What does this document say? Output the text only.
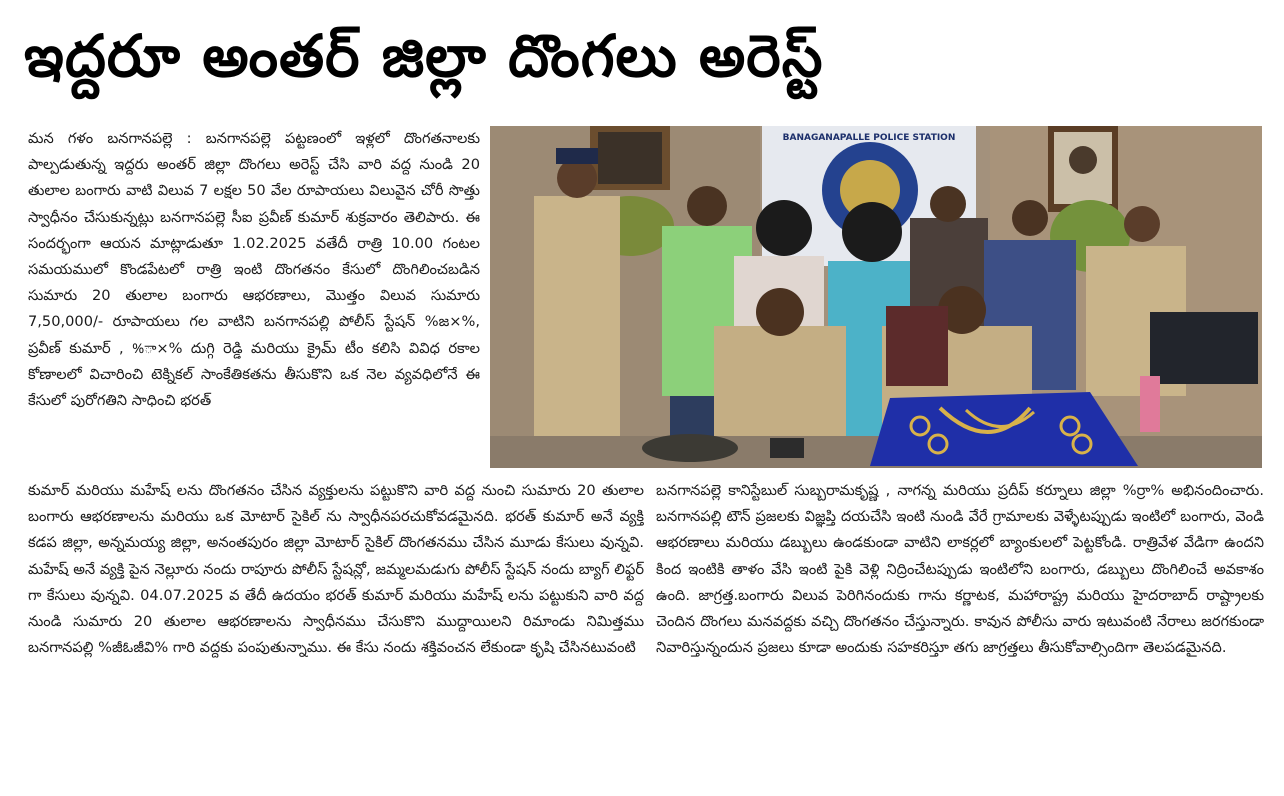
ఇద్దరూ అంతర్ జిల్లా దొంగలు అరెస్ట్

మన గళం బనగానపల్లె : బనగానపల్లె పట్టణంలో ఇళ్లలో దొంగతనాలకు పాల్పడుతున్న ఇద్దరు అంతర్ జిల్లా దొంగలు అరెస్ట్ చేసి వారి వద్ద నుండి 20 తులాల బంగారు వాటి విలువ 7 లక్షల 50 వేల రూపాయలు విలువైన చోరీ సొత్తు స్వాధీనం చేసుకున్నట్లు బనగానపల్లె సీఐ ప్రవీణ్ కుమార్ శుక్రవారం తెలిపారు. ఈ సందర్భంగా ఆయన మాట్లాడుతూ 1.02.2025 వతేదీ రాత్రి 10.00 గంటల సమయములో కొండపేటలో రాత్రి ఇంటి దొంగతనం కేసులో దొంగిలించబడిన సుమారు 20 తులాల బంగారు ఆభరణాలు, మొత్తం విలువ సుమారు 7,50,000/- రూపాయలు గల వాటిని బనగానపల్లి పోలీస్ స్టేషన్ %జ×%, ప్రవీణ్ కుమార్ , %ా×% దుగ్గి రెడ్డి మరియు క్రైమ్ టీం కలిసి వివిధ రకాల కోణాలలో విచారించి టెక్నికల్ సాంకేతికతను తీసుకొని ఒక నెల వ్యవధిలోనే ఈ కేసులో పురోగతిని సాధించి భరత్

కుమార్ మరియు మహేష్ లను దొంగతనం చేసిన వ్యక్తులను పట్టుకొని వారి వద్ద నుంచి సుమారు 20 తులాల బంగారు ఆభరణాలను మరియు ఒక మోటార్ సైకిల్ ను స్వాధీనపరచుకోవడమైనది. భరత్ కుమార్ అనే వ్యక్తి కడప జిల్లా, అన్నమయ్య జిల్లా, అనంతపురం జిల్లా మోటార్ సైకిల్ దొంగతనము చేసిన మూడు కేసులు వున్నవి. మహేష్ అనే వ్యక్తి పైన నెల్లూరు నందు రాపూరు పోలీస్ స్టేషన్లో, జమ్మలమడుగు పోలీస్ స్టేషన్ నందు బ్యాగ్ లిఫ్టర్ గా కేసులు వున్నవి. 04.07.2025 వ తేదీ ఉదయం భరత్ కుమార్ మరియు మహేష్ లను పట్టుకుని వారి వద్ద నుండి సుమారు 20 తులాల ఆభరణాలను స్వాధీనము చేసుకొని ముద్దాయిలని రిమాండు నిమిత్తము బనగానపల్లి %జీఓజీవి% గారి వద్దకు పంపుతున్నాము. ఈ కేసు నందు శక్తివంచన లేకుండా కృషి చేసినటువంటి

బనగానపల్లె కానిస్టేబుల్ సుబ్బరామకృష్ణ , నాగన్న మరియు ప్రదీప్ కర్నూలు జిల్లా %ర్రా% అభినందించారు. బనగానపల్లి టౌన్ ప్రజలకు విజ్ఞప్తి దయచేసి ఇంటి నుండి వేరే గ్రామాలకు వెళ్ళేటప్పుడు ఇంటిలో బంగారు, వెండి ఆభరణాలు మరియు డబ్బులు ఉండకుండా వాటిని లాకర్లలో బ్యాంకులలో పెట్టకోండి. రాత్రివేళ వేడిగా ఉందని కింద ఇంటికి తాళం వేసి ఇంటి పైకి వెళ్లి నిద్రించేటప్పుడు ఇంటిలోని బంగారు, డబ్బులు దొంగిలించే అవకాశం ఉంది. జాగ్రత్త.బంగారు విలువ పెరిగినందుకు గాను కర్ణాటక, మహారాష్ట్ర మరియు హైదరాబాద్ రాష్ట్రాలకు చెందిన దొంగలు మనవద్దకు వచ్చి దొంగతనం చేస్తున్నారు. కావున పోలీసు వారు ఇటువంటి నేరాలు జరగకుండా నివారిస్తున్నందున ప్రజలు కూడా అందుకు సహకరిస్తూ తగు జాగ్రత్తలు తీసుకోవాల్సిందిగా తెలపడమైనది.

BANAGANAPALLE POLICE STATION
